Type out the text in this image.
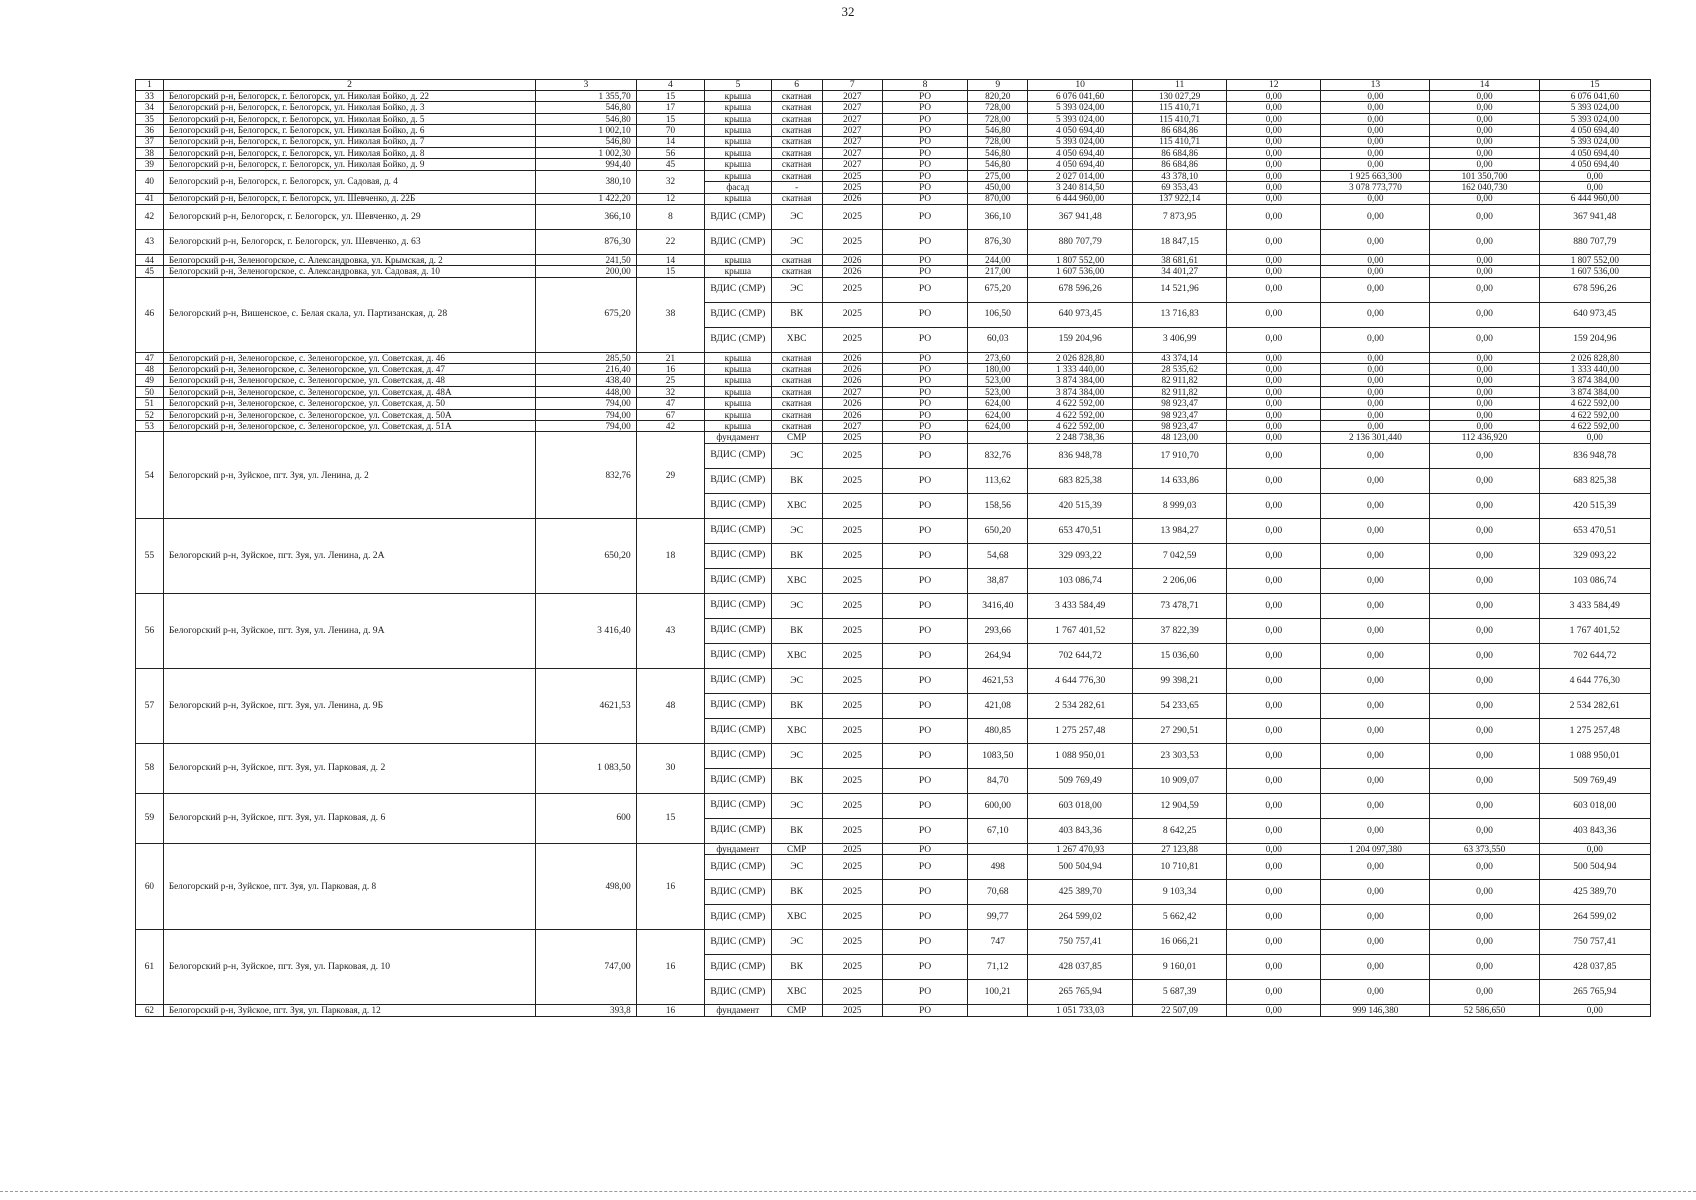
32
1	2	3	4	5	6	7	8	9	10	11	12	13	14	15
33	Белогорский р-н, Белогорск, г. Белогорск, ул. Николая Бойко, д. 22	1 355,70	15	крыша	скатная	2027	РО	820,20	6 076 041,60	130 027,29	0,00	0,00	0,00	6 076 041,60
34	Белогорский р-н, Белогорск, г. Белогорск, ул. Николая Бойко, д. 3	546,80	17	крыша	скатная	2027	РО	728,00	5 393 024,00	115 410,71	0,00	0,00	0,00	5 393 024,00
35	Белогорский р-н, Белогорск, г. Белогорск, ул. Николая Бойко, д. 5	546,80	15	крыша	скатная	2027	РО	728,00	5 393 024,00	115 410,71	0,00	0,00	0,00	5 393 024,00
36	Белогорский р-н, Белогорск, г. Белогорск, ул. Николая Бойко, д. 6	1 002,10	70	крыша	скатная	2027	РО	546,80	4 050 694,40	86 684,86	0,00	0,00	0,00	4 050 694,40
37	Белогорский р-н, Белогорск, г. Белогорск, ул. Николая Бойко, д. 7	546,80	14	крыша	скатная	2027	РО	728,00	5 393 024,00	115 410,71	0,00	0,00	0,00	5 393 024,00
38	Белогорский р-н, Белогорск, г. Белогорск, ул. Николая Бойко, д. 8	1 002,30	56	крыша	скатная	2027	РО	546,80	4 050 694,40	86 684,86	0,00	0,00	0,00	4 050 694,40
39	Белогорский р-н, Белогорск, г. Белогорск, ул. Николая Бойко, д. 9	994,40	45	крыша	скатная	2027	РО	546,80	4 050 694,40	86 684,86	0,00	0,00	0,00	4 050 694,40
40	Белогорский р-н, Белогорск, г. Белогорск, ул. Садовая, д. 4	380,10	32	крыша	скатная	2025	РО	275,00	2 027 014,00	43 378,10	0,00	1 925 663,300	101 350,700	0,00
				фасад	-	2025	РО	450,00	3 240 814,50	69 353,43	0,00	3 078 773,770	162 040,730	0,00
41	Белогорский р-н, Белогорск, г. Белогорск, ул. Шевченко, д. 22Б	1 422,20	12	крыша	скатная	2026	РО	870,00	6 444 960,00	137 922,14	0,00	0,00	0,00	6 444 960,00
42	Белогорский р-н, Белогорск, г. Белогорск, ул. Шевченко, д. 29	366,10	8	ВДИС (СМР)	ЭС	2025	РО	366,10	367 941,48	7 873,95	0,00	0,00	0,00	367 941,48
43	Белогорский р-н, Белогорск, г. Белогорск, ул. Шевченко, д. 63	876,30	22	ВДИС (СМР)	ЭС	2025	РО	876,30	880 707,79	18 847,15	0,00	0,00	0,00	880 707,79
44	Белогорский р-н, Зеленогорское, с. Александровка, ул. Крымская, д. 2	241,50	14	крыша	скатная	2026	РО	244,00	1 807 552,00	38 681,61	0,00	0,00	0,00	1 807 552,00
45	Белогорский р-н, Зеленогорское, с. Александровка, ул. Садовая, д. 10	200,00	15	крыша	скатная	2026	РО	217,00	1 607 536,00	34 401,27	0,00	0,00	0,00	1 607 536,00
46	Белогорский р-н, Вишенское, с. Белая скала, ул. Партизанская, д. 28	675,20	38	ВДИС (СМР)	ЭС	2025	РО	675,20	678 596,26	14 521,96	0,00	0,00	0,00	678 596,26
				ВДИС (СМР)	ВК	2025	РО	106,50	640 973,45	13 716,83	0,00	0,00	0,00	640 973,45
				ВДИС (СМР)	ХВС	2025	РО	60,03	159 204,96	3 406,99	0,00	0,00	0,00	159 204,96
47	Белогорский р-н, Зеленогорское, с. Зеленогорское, ул. Советская, д. 46	285,50	21	крыша	скатная	2026	РО	273,60	2 026 828,80	43 374,14	0,00	0,00	0,00	2 026 828,80
48	Белогорский р-н, Зеленогорское, с. Зеленогорское, ул. Советская, д. 47	216,40	16	крыша	скатная	2026	РО	180,00	1 333 440,00	28 535,62	0,00	0,00	0,00	1 333 440,00
49	Белогорский р-н, Зеленогорское, с. Зеленогорское, ул. Советская, д. 48	438,40	25	крыша	скатная	2026	РО	523,00	3 874 384,00	82 911,82	0,00	0,00	0,00	3 874 384,00
50	Белогорский р-н, Зеленогорское, с. Зеленогорское, ул. Советская, д. 48А	448,00	32	крыша	скатная	2027	РО	523,00	3 874 384,00	82 911,82	0,00	0,00	0,00	3 874 384,00
51	Белогорский р-н, Зеленогорское, с. Зеленогорское, ул. Советская, д. 50	794,00	47	крыша	скатная	2026	РО	624,00	4 622 592,00	98 923,47	0,00	0,00	0,00	4 622 592,00
52	Белогорский р-н, Зеленогорское, с. Зеленогорское, ул. Советская, д. 50А	794,00	67	крыша	скатная	2026	РО	624,00	4 622 592,00	98 923,47	0,00	0,00	0,00	4 622 592,00
53	Белогорский р-н, Зеленогорское, с. Зеленогорское, ул. Советская, д. 51А	794,00	42	крыша	скатная	2027	РО	624,00	4 622 592,00	98 923,47	0,00	0,00	0,00	4 622 592,00
54	Белогорский р-н, Зуйское, пгт. Зуя, ул. Ленина, д. 2	832,76	29	фундамент	СМР	2025	РО		2 248 738,36	48 123,00	0,00	2 136 301,440	112 436,920	0,00
				ВДИС (СМР)	ЭС	2025	РО	832,76	836 948,78	17 910,70	0,00	0,00	0,00	836 948,78
				ВДИС (СМР)	ВК	2025	РО	113,62	683 825,38	14 633,86	0,00	0,00	0,00	683 825,38
				ВДИС (СМР)	ХВС	2025	РО	158,56	420 515,39	8 999,03	0,00	0,00	0,00	420 515,39
55	Белогорский р-н, Зуйское, пгт. Зуя, ул. Ленина, д. 2А	650,20	18	ВДИС (СМР)	ЭС	2025	РО	650,20	653 470,51	13 984,27	0,00	0,00	0,00	653 470,51
				ВДИС (СМР)	ВК	2025	РО	54,68	329 093,22	7 042,59	0,00	0,00	0,00	329 093,22
				ВДИС (СМР)	ХВС	2025	РО	38,87	103 086,74	2 206,06	0,00	0,00	0,00	103 086,74
56	Белогорский р-н, Зуйское, пгт. Зуя, ул. Ленина, д. 9А	3 416,40	43	ВДИС (СМР)	ЭС	2025	РО	3416,40	3 433 584,49	73 478,71	0,00	0,00	0,00	3 433 584,49
				ВДИС (СМР)	ВК	2025	РО	293,66	1 767 401,52	37 822,39	0,00	0,00	0,00	1 767 401,52
				ВДИС (СМР)	ХВС	2025	РО	264,94	702 644,72	15 036,60	0,00	0,00	0,00	702 644,72
57	Белогорский р-н, Зуйское, пгт. Зуя, ул. Ленина, д. 9Б	4621,53	48	ВДИС (СМР)	ЭС	2025	РО	4621,53	4 644 776,30	99 398,21	0,00	0,00	0,00	4 644 776,30
				ВДИС (СМР)	ВК	2025	РО	421,08	2 534 282,61	54 233,65	0,00	0,00	0,00	2 534 282,61
				ВДИС (СМР)	ХВС	2025	РО	480,85	1 275 257,48	27 290,51	0,00	0,00	0,00	1 275 257,48
58	Белогорский р-н, Зуйское, пгт. Зуя, ул. Парковая, д. 2	1 083,50	30	ВДИС (СМР)	ЭС	2025	РО	1083,50	1 088 950,01	23 303,53	0,00	0,00	0,00	1 088 950,01
				ВДИС (СМР)	ВК	2025	РО	84,70	509 769,49	10 909,07	0,00	0,00	0,00	509 769,49
59	Белогорский р-н, Зуйское, пгт. Зуя, ул. Парковая, д. 6	600	15	ВДИС (СМР)	ЭС	2025	РО	600,00	603 018,00	12 904,59	0,00	0,00	0,00	603 018,00
				ВДИС (СМР)	ВК	2025	РО	67,10	403 843,36	8 642,25	0,00	0,00	0,00	403 843,36
60	Белогорский р-н, Зуйское, пгт. Зуя, ул. Парковая, д. 8	498,00	16	фундамент	СМР	2025	РО		1 267 470,93	27 123,88	0,00	1 204 097,380	63 373,550	0,00
				ВДИС (СМР)	ЭС	2025	РО	498	500 504,94	10 710,81	0,00	0,00	0,00	500 504,94
				ВДИС (СМР)	ВК	2025	РО	70,68	425 389,70	9 103,34	0,00	0,00	0,00	425 389,70
				ВДИС (СМР)	ХВС	2025	РО	99,77	264 599,02	5 662,42	0,00	0,00	0,00	264 599,02
61	Белогорский р-н, Зуйское, пгт. Зуя, ул. Парковая, д. 10	747,00	16	ВДИС (СМР)	ЭС	2025	РО	747	750 757,41	16 066,21	0,00	0,00	0,00	750 757,41
				ВДИС (СМР)	ВК	2025	РО	71,12	428 037,85	9 160,01	0,00	0,00	0,00	428 037,85
				ВДИС (СМР)	ХВС	2025	РО	100,21	265 765,94	5 687,39	0,00	0,00	0,00	265 765,94
62	Белогорский р-н, Зуйское, пгт. Зуя, ул. Парковая, д. 12	393,8	16	фундамент	СМР	2025	РО		1 051 733,03	22 507,09	0,00	999 146,380	52 586,650	0,00
